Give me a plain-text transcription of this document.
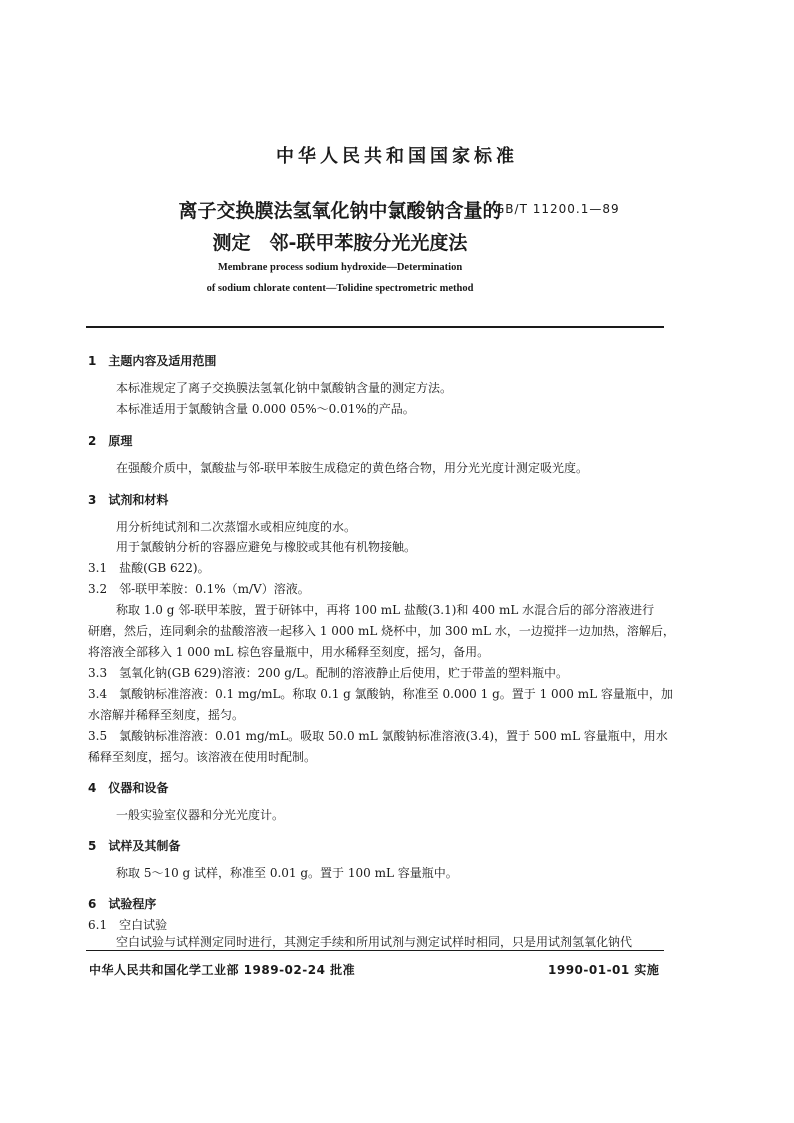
中华人民共和国国家标准
离子交换膜法氢氧化钠中氯酸钠含量的
测定　邻-联甲苯胺分光光度法
GB/T 11200.1—89
Membrane process sodium hydroxide—Determination
of sodium chlorate content—Tolidine spectrometric method
1　主题内容及适用范围
本标准规定了离子交换膜法氢氧化钠中氯酸钠含量的测定方法。
本标准适用于氯酸钠含量 0.000 05%～0.01%的产品。
2　原理
在强酸介质中，氯酸盐与邻-联甲苯胺生成稳定的黄色络合物，用分光光度计测定吸光度。
3　试剂和材料
用分析纯试剂和二次蒸馏水或相应纯度的水。
用于氯酸钠分析的容器应避免与橡胶或其他有机物接触。
3.1　盐酸(GB 622)。
3.2　邻-联甲苯胺：0.1%（m/V）溶液。
称取 1.0 g 邻-联甲苯胺，置于研钵中，再将 100 mL 盐酸(3.1)和 400 mL 水混合后的部分溶液进行
研磨，然后，连同剩余的盐酸溶液一起移入 1 000 mL 烧杯中，加 300 mL 水，一边搅拌一边加热，溶解后，
将溶液全部移入 1 000 mL 棕色容量瓶中，用水稀释至刻度，摇匀，备用。
3.3　氢氧化钠(GB 629)溶液：200 g/L。配制的溶液静止后使用，贮于带盖的塑料瓶中。
3.4　氯酸钠标准溶液：0.1 mg/mL。称取 0.1 g 氯酸钠，称准至 0.000 1 g。置于 1 000 mL 容量瓶中，加
水溶解并稀释至刻度，摇匀。
3.5　氯酸钠标准溶液：0.01 mg/mL。吸取 50.0 mL 氯酸钠标准溶液(3.4)，置于 500 mL 容量瓶中，用水
稀释至刻度，摇匀。该溶液在使用时配制。
4　仪器和设备
一般实验室仪器和分光光度计。
5　试样及其制备
称取 5～10 g 试样，称准至 0.01 g。置于 100 mL 容量瓶中。
6　试验程序
6.1　空白试验
空白试验与试样测定同时进行，其测定手续和所用试剂与测定试样时相同，只是用试剂氢氧化钠代
中华人民共和国化学工业部 1989-02-24 批准	1990-01-01 实施
